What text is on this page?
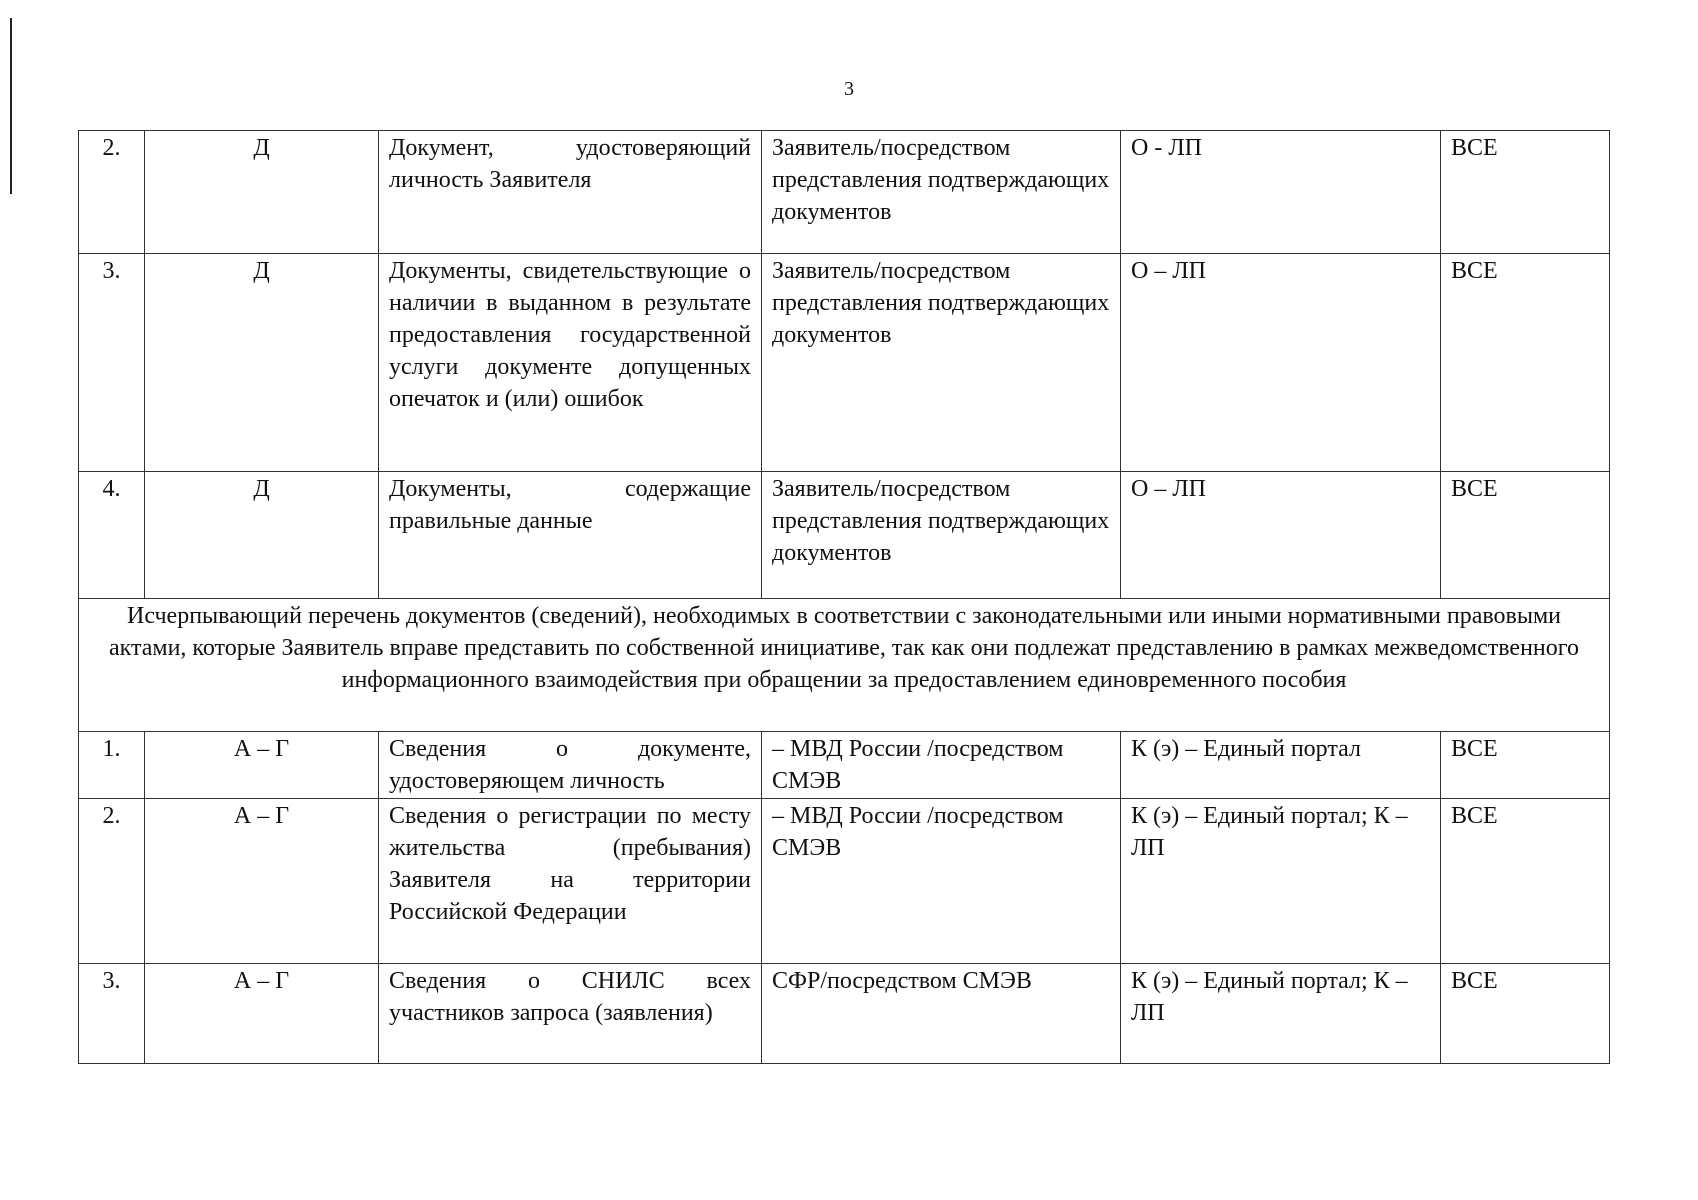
3
2.	Д	Документ, удостоверяющий личность Заявителя	Заявитель/посредством представления подтверждающих документов	О - ЛП	ВСЕ
3.	Д	Документы, свидетельствующие о наличии в выданном в результате предоставления государственной услуги документе допущенных опечаток и (или) ошибок	Заявитель/посредством представления подтверждающих документов	О – ЛП	ВСЕ
4.	Д	Документы, содержащие правильные данные	Заявитель/посредством представления подтверждающих документов	О – ЛП	ВСЕ
Исчерпывающий перечень документов (сведений), необходимых в соответствии с законодательными или иными нормативными правовыми актами, которые Заявитель вправе представить по собственной инициативе, так как они подлежат представлению в рамках межведомственного информационного взаимодействия при обращении за предоставлением единовременного пособия					
1.	А – Г	Сведения о документе, удостоверяющем личность	– МВД России /посредством СМЭВ	К (э) – Единый портал	ВСЕ
2.	А – Г	Сведения о регистрации по месту жительства (пребывания) Заявителя на территории Российской Федерации	– МВД России /посредством СМЭВ	К (э) – Единый портал; К – ЛП	ВСЕ
3.	А – Г	Сведения о СНИЛС всех участников запроса (заявления)	СФР/посредством СМЭВ	К (э) – Единый портал; К – ЛП	ВСЕ
